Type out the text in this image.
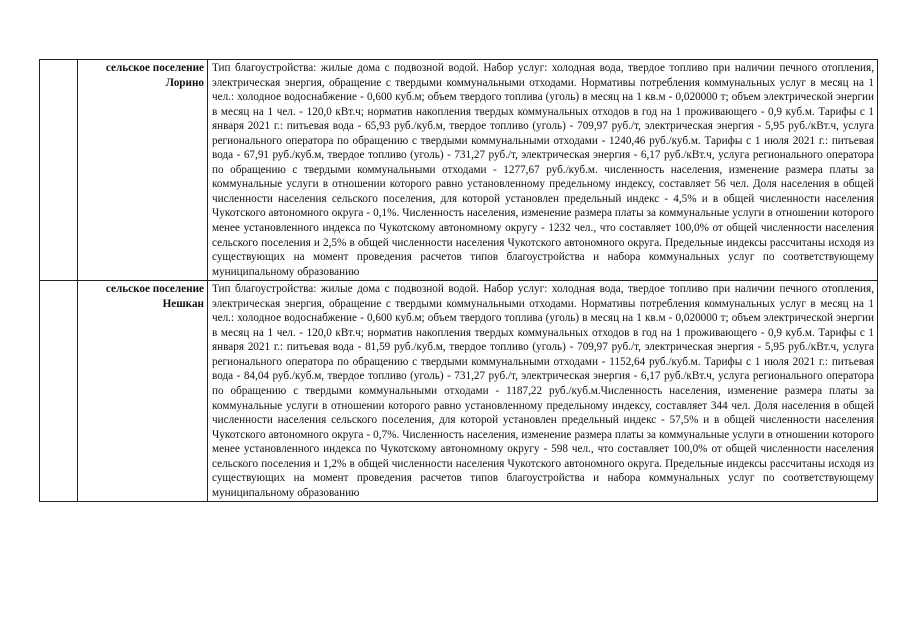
	сельское поселение
Лорино	Тип благоустройства: жилые дома с подвозной водой. Набор услуг: холодная вода, твердое топливо при наличии печного отопления, электрическая энергия, обращение с твердыми коммунальными отходами. Нормативы потребления коммунальных услуг в месяц на 1 чел.: холодное водоснабжение - 0,600 куб.м; объем твердого топлива (уголь) в месяц на 1 кв.м - 0,020000 т; объем электрической энергии в месяц на 1 чел. - 120,0 кВт.ч; норматив накопления твердых коммунальных отходов в год на 1 проживающего - 0,9 куб.м. Тарифы с 1 января 2021 г.: питьевая вода - 65,93 руб./куб.м, твердое топливо (уголь) - 709,97 руб./т, электрическая энергия - 5,95 руб./кВт.ч, услуга регионального оператора по обращению с твердыми коммунальными отходами - 1240,46 руб./куб.м. Тарифы с 1 июля 2021 г.: питьевая вода - 67,91 руб./куб.м, твердое топливо (уголь) - 731,27 руб./т, электрическая энергия - 6,17 руб./кВт.ч, услуга регионального оператора по обращению с твердыми коммунальными отходами - 1277,67 руб./куб.м. численность населения, изменение размера платы за коммунальные услуги в отношении которого равно установленному предельному индексу, составляет 56 чел. Доля населения в общей численности населения сельского поселения, для которой установлен предельный индекс - 4,5% и в общей численности населения Чукотского автономного округа - 0,1%. Численность населения, изменение размера платы за коммунальные услуги в отношении которого менее установленного индекса по Чукотскому автономному округу - 1232 чел., что составляет 100,0% от общей численности населения сельского поселения и 2,5% в общей численности населения Чукотского автономного округа. Предельные индексы рассчитаны исходя из существующих на момент проведения расчетов типов благоустройства и набора коммунальных услуг по соответствующему муниципальному образованию

	сельское поселение
Нешкан	Тип благоустройства: жилые дома с подвозной водой. Набор услуг: холодная вода, твердое топливо при наличии печного отопления, электрическая энергия, обращение с твердыми коммунальными отходами. Нормативы потребления коммунальных услуг в месяц на 1 чел.: холодное водоснабжение - 0,600 куб.м; объем твердого топлива (уголь) в месяц на 1 кв.м - 0,020000 т; объем электрической энергии в месяц на 1 чел. - 120,0 кВт.ч; норматив накопления твердых коммунальных отходов в год на 1 проживающего - 0,9 куб.м. Тарифы с 1 января 2021 г.: питьевая вода - 81,59 руб./куб.м, твердое топливо (уголь) - 709,97 руб./т, электрическая энергия - 5,95 руб./кВт.ч, услуга регионального оператора по обращению с твердыми коммунальными отходами - 1152,64 руб./куб.м. Тарифы с 1 июля 2021 г.: питьевая вода - 84,04 руб./куб.м, твердое топливо (уголь) - 731,27 руб./т, электрическая энергия - 6,17 руб./кВт.ч, услуга регионального оператора по обращению с твердыми коммунальными отходами - 1187,22 руб./куб.м.Численность населения, изменение размера платы за коммунальные услуги в отношении которого равно установленному предельному индексу, составляет 344 чел. Доля населения в общей численности населения сельского поселения, для которой установлен предельный индекс - 57,5% и в общей численности населения Чукотского автономного округа - 0,7%. Численность населения, изменение размера платы за коммунальные услуги в отношении которого менее установленного индекса по Чукотскому автономному округу - 598 чел., что составляет 100,0% от общей численности населения сельского поселения и 1,2% в общей численности населения Чукотского автономного округа. Предельные индексы рассчитаны исходя из существующих на момент проведения расчетов типов благоустройства и набора коммунальных услуг по соответствующему муниципальному образованию
